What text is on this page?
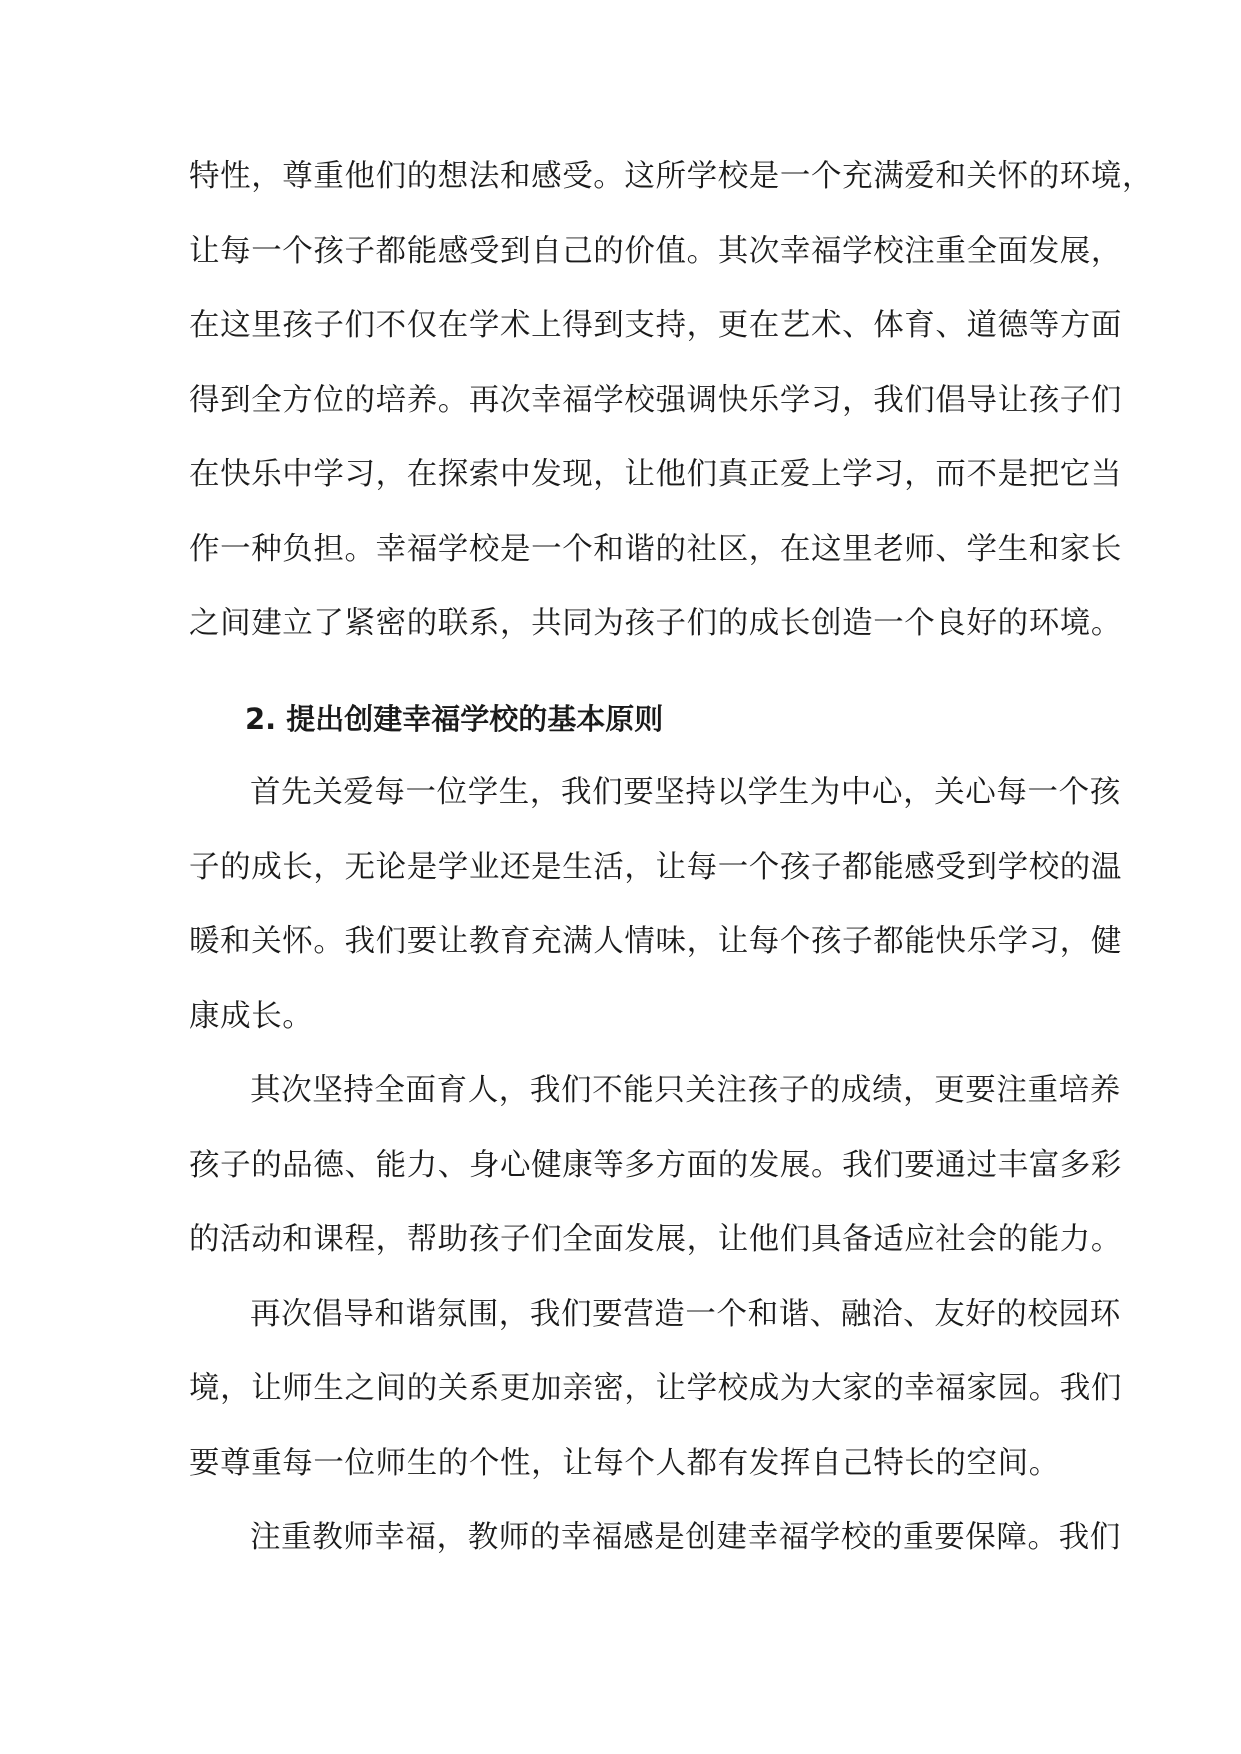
特性，尊重他们的想法和感受。这所学校是一个充满爱和关怀的环境，
让每一个孩子都能感受到自己的价值。其次幸福学校注重全面发展，
在这里孩子们不仅在学术上得到支持，更在艺术、体育、道德等方面
得到全方位的培养。再次幸福学校强调快乐学习，我们倡导让孩子们
在快乐中学习，在探索中发现，让他们真正爱上学习，而不是把它当
作一种负担。幸福学校是一个和谐的社区，在这里老师、学生和家长
之间建立了紧密的联系，共同为孩子们的成长创造一个良好的环境。
2. 提出创建幸福学校的基本原则
首先关爱每一位学生，我们要坚持以学生为中心，关心每一个孩
子的成长，无论是学业还是生活，让每一个孩子都能感受到学校的温
暖和关怀。我们要让教育充满人情味，让每个孩子都能快乐学习，健
康成长。
其次坚持全面育人，我们不能只关注孩子的成绩，更要注重培养
孩子的品德、能力、身心健康等多方面的发展。我们要通过丰富多彩
的活动和课程，帮助孩子们全面发展，让他们具备适应社会的能力。
再次倡导和谐氛围，我们要营造一个和谐、融洽、友好的校园环
境，让师生之间的关系更加亲密，让学校成为大家的幸福家园。我们
要尊重每一位师生的个性，让每个人都有发挥自己特长的空间。
注重教师幸福，教师的幸福感是创建幸福学校的重要保障。我们
